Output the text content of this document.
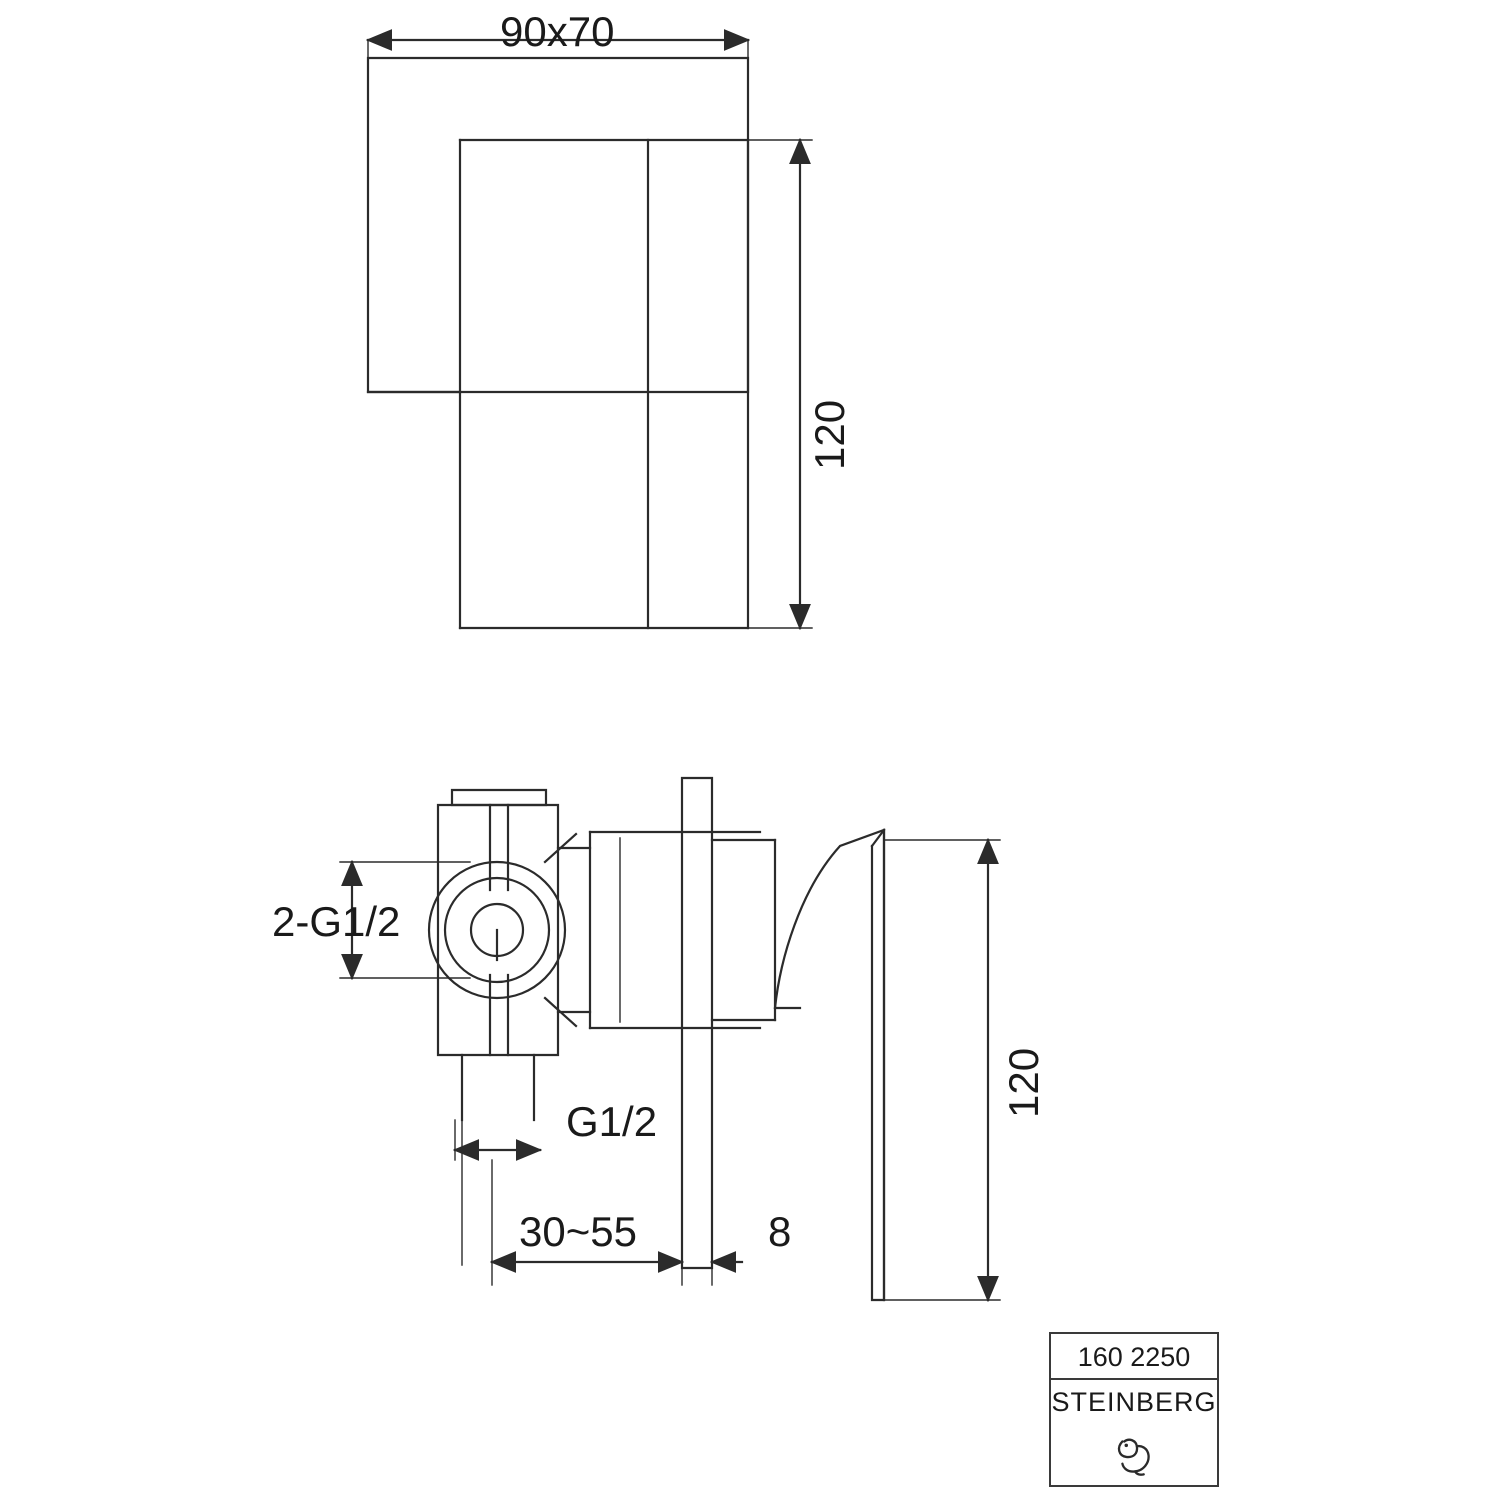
90x70
120
2-G1/2
G1/2
30~55	8
120
160 2250
STEINBERG
